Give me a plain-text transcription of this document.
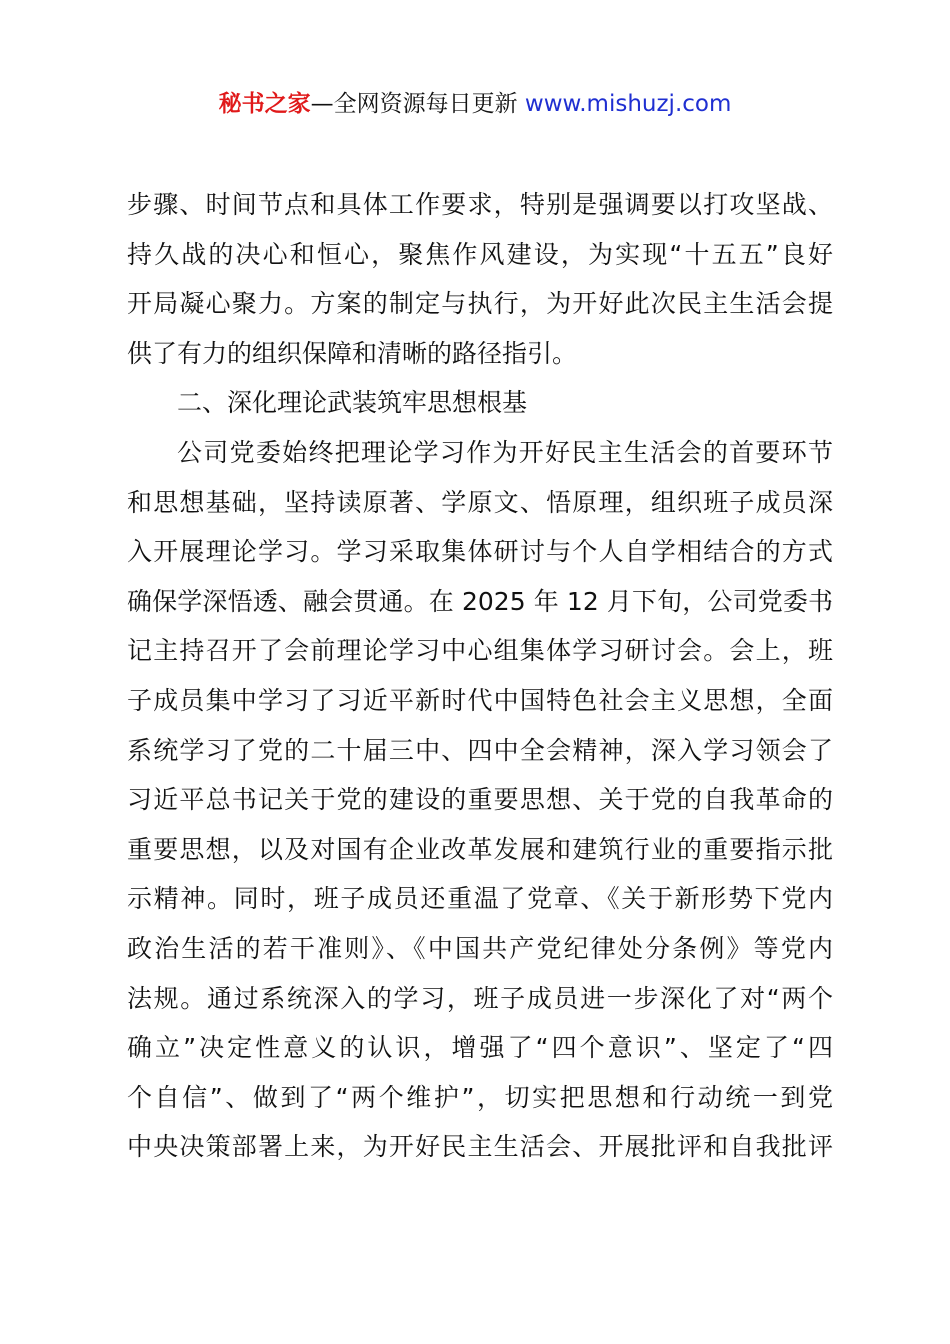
秘书之家—全网资源每日更新 www.mishuzj.com
步骤、时间节点和具体工作要求，特别是强调要以打攻坚战、
持久战的决心和恒心，聚焦作风建设，为实现“十五五”良好
开局凝心聚力。方案的制定与执行，为开好此次民主生活会提
供了有力的组织保障和清晰的路径指引。
二、深化理论武装筑牢思想根基
公司党委始终把理论学习作为开好民主生活会的首要环节
和思想基础，坚持读原著、学原文、悟原理，组织班子成员深
入开展理论学习。学习采取集体研讨与个人自学相结合的方式
确保学深悟透、融会贯通。在 2025 年 12 月下旬，公司党委书
记主持召开了会前理论学习中心组集体学习研讨会。会上，班
子成员集中学习了习近平新时代中国特色社会主义思想，全面
系统学习了党的二十届三中、四中全会精神，深入学习领会了
习近平总书记关于党的建设的重要思想、关于党的自我革命的
重要思想，以及对国有企业改革发展和建筑行业的重要指示批
示精神。同时，班子成员还重温了党章、《关于新形势下党内
政治生活的若干准则》、《中国共产党纪律处分条例》等党内
法规。通过系统深入的学习，班子成员进一步深化了对“两个
确立”决定性意义的认识，增强了“四个意识”、坚定了“四
个自信”、做到了“两个维护”，切实把思想和行动统一到党
中央决策部署上来，为开好民主生活会、开展批评和自我批评
